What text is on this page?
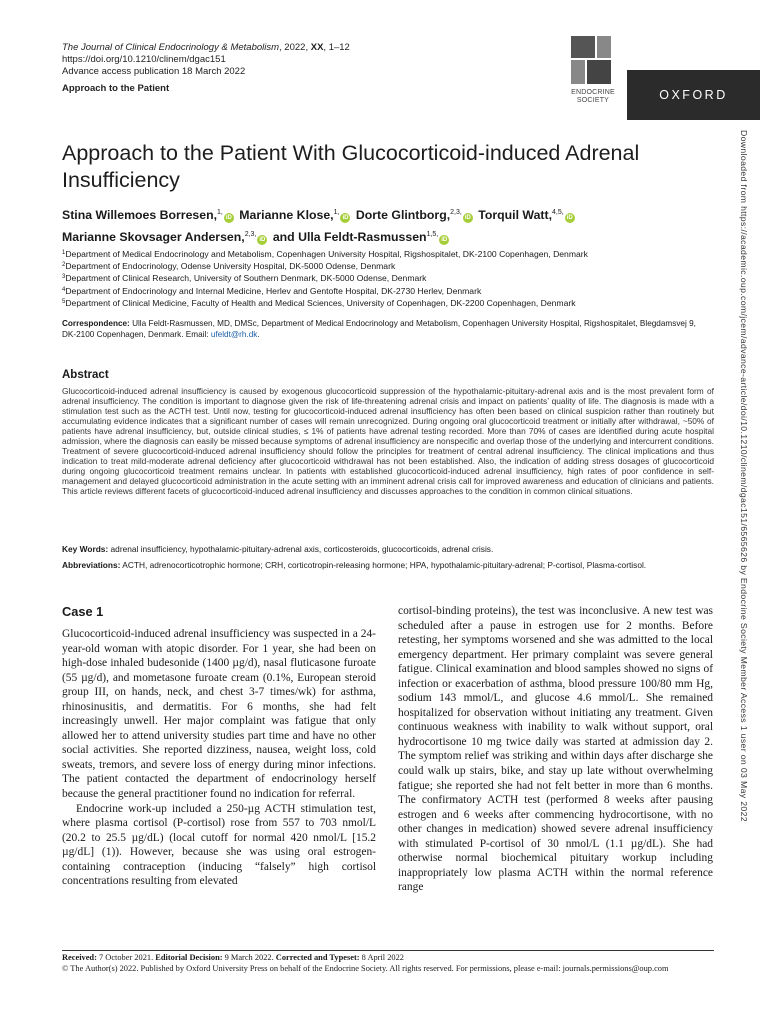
The Journal of Clinical Endocrinology & Metabolism, 2022, XX, 1–12
https://doi.org/10.1210/clinem/dgac151
Advance access publication 18 March 2022
Approach to the Patient	ENDOCRINE
SOCIETY	OXFORD
Approach to the Patient With Glucocorticoid-induced Adrenal Insufficiency
Stina Willemoes Borresen,$^{1,}$iD Marianne Klose,$^{1,}$iD Dorte Glintborg,$^{2,3,}$iD Torquil Watt,$^{4,5,}$iD
Marianne Skovsager Andersen,$^{2,3,}$iD and Ulla Feldt-Rasmussen$^{1,5,}$iD
$^1$Department of Medical Endocrinology and Metabolism, Copenhagen University Hospital, Rigshospitalet, DK-2100 Copenhagen, Denmark
$^2$Department of Endocrinology, Odense University Hospital, DK-5000 Odense, Denmark
$^3$Department of Clinical Research, University of Southern Denmark, DK-5000 Odense, Denmark
$^4$Department of Endocrinology and Internal Medicine, Herlev and Gentofte Hospital, DK-2730 Herlev, Denmark
$^5$Department of Clinical Medicine, Faculty of Health and Medical Sciences, University of Copenhagen, DK-2200 Copenhagen, Denmark
Correspondence: Ulla Feldt-Rasmussen, MD, DMSc, Department of Medical Endocrinology and Metabolism, Copenhagen University Hospital, Rigshospitalet, Blegdamsvej 9, DK-2100 Copenhagen, Denmark. Email: ufeldt@rh.dk.
Abstract
Glucocorticoid-induced adrenal insufficiency is caused by exogenous glucocorticoid suppression of the hypothalamic-pituitary-adrenal axis and is the most prevalent form of adrenal insufficiency. The condition is important to diagnose given the risk of life-threatening adrenal crisis and impact on patients’ quality of life. The diagnosis is made with a stimulation test such as the ACTH test. Until now, testing for glucocorticoid-induced adrenal insufficiency has often been based on clinical suspicion rather than routinely but accumulating evidence indicates that a significant number of cases will remain unrecognized. During ongoing oral glucocorticoid treatment or initially after withdrawal, ~50% of patients have adrenal insufficiency, but, outside clinical studies, ≤ 1% of patients have adrenal testing recorded. More than 70% of cases are identified during acute hospital admission, where the diagnosis can easily be missed because symptoms of adrenal insufficiency are nonspecific and overlap those of the underlying and intercurrent conditions. Treatment of severe glucocorticoid-induced adrenal insufficiency should follow the principles for treatment of central adrenal insufficiency. The clinical implications and thus indication to treat mild-moderate adrenal deficiency after glucocorticoid withdrawal has not been established. Also, the indication of adding stress dosages of glucocorticoid during ongoing glucocorticoid treatment remains unclear. In patients with established glucocorticoid-induced adrenal insufficiency, high rates of poor confidence in self-management and delayed glucocorticoid administration in the acute setting with an imminent adrenal crisis call for improved awareness and education of clinicians and patients. This article reviews different facets of glucocorticoid-induced adrenal insufficiency and discusses approaches to the condition in common clinical situations.
Key Words: adrenal insufficiency, hypothalamic-pituitary-adrenal axis, corticosteroids, glucocorticoids, adrenal crisis.
Abbreviations: ACTH, adrenocorticotrophic hormone; CRH, corticotropin-releasing hormone; HPA, hypothalamic-pituitary-adrenal; P-cortisol, Plasma-cortisol.
Case 1

Glucocorticoid-induced adrenal insufficiency was suspected in a 24-year-old woman with atopic disorder. For 1 year, she had been on high-dose inhaled budesonide (1400 µg/d), nasal fluticasone furoate (55 µg/d), and mometasone furoate cream (0.1%, European steroid group III, on hands, neck, and chest 3-7 times/wk) for asthma, rhinosinusitis, and dermatitis. For 6 months, she had felt increasingly unwell. Her major complaint was fatigue that only allowed her to attend university studies part time and have no other social activities. She reported dizziness, nausea, weight loss, cold sweats, tremors, and severe loss of energy during minor infections. The patient contacted the department of endocrinology herself because the general practitioner found no indication for referral.

Endocrine work-up included a 250-µg ACTH stimulation test, where plasma cortisol (P-cortisol) rose from 557 to 703 nmol/L (20.2 to 25.5 µg/dL) (local cutoff for normal 420 nmol/L [15.2 µg/dL] (1)). However, because she was using oral estrogen-containing contraception (inducing “falsely” high cortisol concentrations resulting from elevated

cortisol-binding proteins), the test was inconclusive. A new test was scheduled after a pause in estrogen use for 2 months. Before retesting, her symptoms worsened and she was admitted to the local emergency department. Her primary complaint was severe general fatigue. Clinical examination and blood samples showed no signs of infection or exacerbation of asthma, blood pressure 100/80 mm Hg, sodium 143 mmol/L, and glucose 4.6 mmol/L. She remained hospitalized for observation without initiating any treatment. Given continuous weakness with inability to walk without support, oral hydrocortisone 10 mg twice daily was started at admission day 2. The symptom relief was striking and within days after discharge she could walk up stairs, bike, and stay up late without overwhelming fatigue; she reported she had not felt better in more than 6 months. The confirmatory ACTH test (performed 8 weeks after pausing estrogen and 6 weeks after commencing hydrocortisone, with no other changes in medication) showed severe adrenal insufficiency with stimulated P-cortisol of 30 nmol/L (1.1 µg/dL). She had otherwise normal biochemical pituitary workup including inappropriately low plasma ACTH within the normal reference range

Received: 7 October 2021. Editorial Decision: 9 March 2022. Corrected and Typeset: 8 April 2022
© The Author(s) 2022. Published by Oxford University Press on behalf of the Endocrine Society. All rights reserved. For permissions, please e-mail: journals.permissions@oup.com
Downloaded from https://academic.oup.com/jcem/advance-article/doi/10.1210/clinem/dgac151/6565626 by Endocrine Society Member Access 1 user on 03 May 2022
